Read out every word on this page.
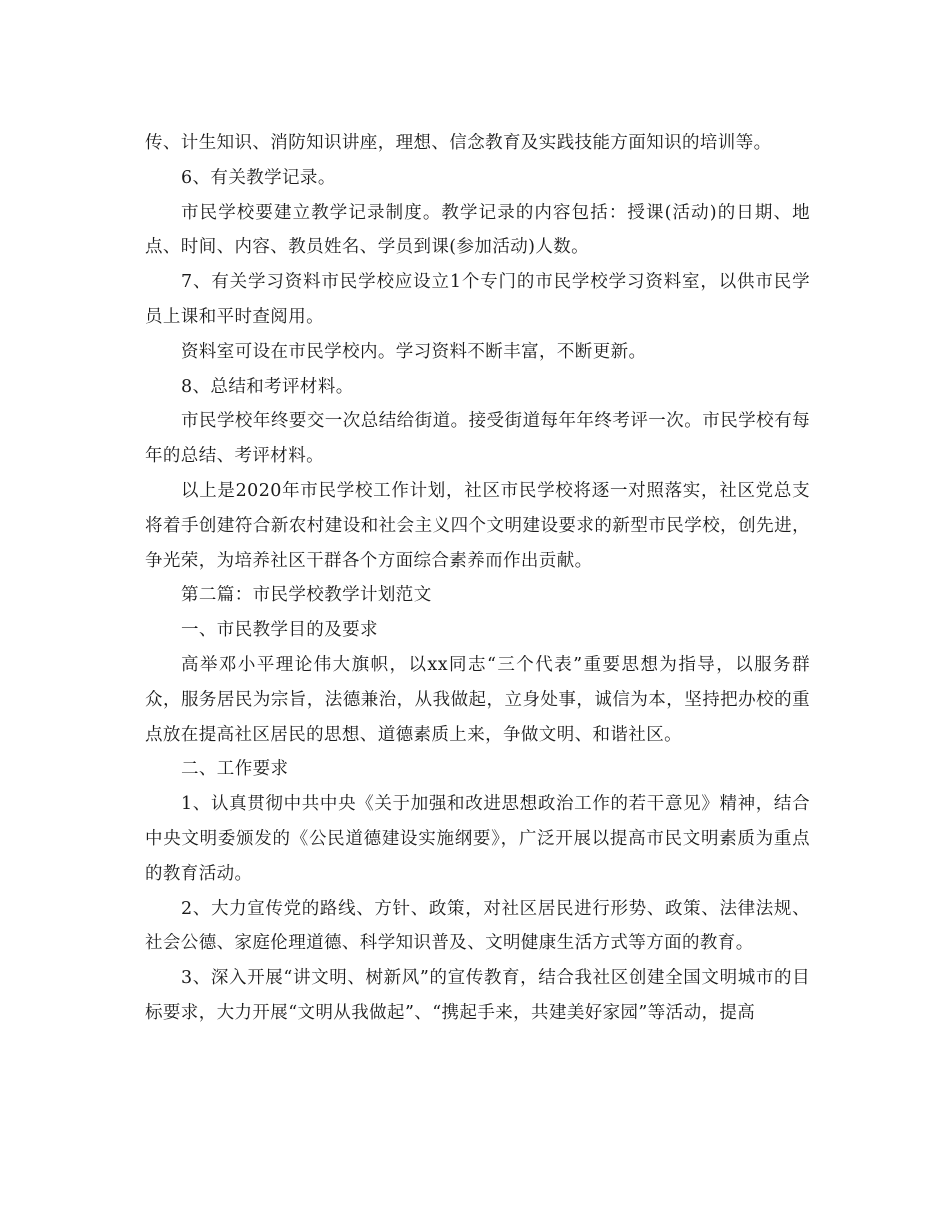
传、计生知识、消防知识讲座，理想、信念教育及实践技能方面知识的培训等。

6、有关教学记录。

市民学校要建立教学记录制度。教学记录的内容包括：授课(活动)的日期、地点、时间、内容、教员姓名、学员到课(参加活动)人数。

7、有关学习资料市民学校应设立1个专门的市民学校学习资料室，以供市民学员上课和平时查阅用。

资料室可设在市民学校内。学习资料不断丰富，不断更新。

8、总结和考评材料。

市民学校年终要交一次总结给街道。接受街道每年年终考评一次。市民学校有每年的总结、考评材料。

以上是2020年市民学校工作计划，社区市民学校将逐一对照落实，社区党总支将着手创建符合新农村建设和社会主义四个文明建设要求的新型市民学校，创先进，争光荣，为培养社区干群各个方面综合素养而作出贡献。

第二篇：市民学校教学计划范文

一、市民教学目的及要求

高举邓小平理论伟大旗帜，以xx同志“三个代表”重要思想为指导，以服务群众，服务居民为宗旨，法德兼治，从我做起，立身处事，诚信为本，坚持把办校的重点放在提高社区居民的思想、道德素质上来，争做文明、和谐社区。

二、工作要求

1、认真贯彻中共中央《关于加强和改进思想政治工作的若干意见》精神，结合中央文明委颁发的《公民道德建设实施纲要》，广泛开展以提高市民文明素质为重点的教育活动。

2、大力宣传党的路线、方针、政策，对社区居民进行形势、政策、法律法规、社会公德、家庭伦理道德、科学知识普及、文明健康生活方式等方面的教育。

3、深入开展“讲文明、树新风”的宣传教育，结合我社区创建全国文明城市的目标要求，大力开展“文明从我做起”、“携起手来，共建美好家园”等活动，提高
